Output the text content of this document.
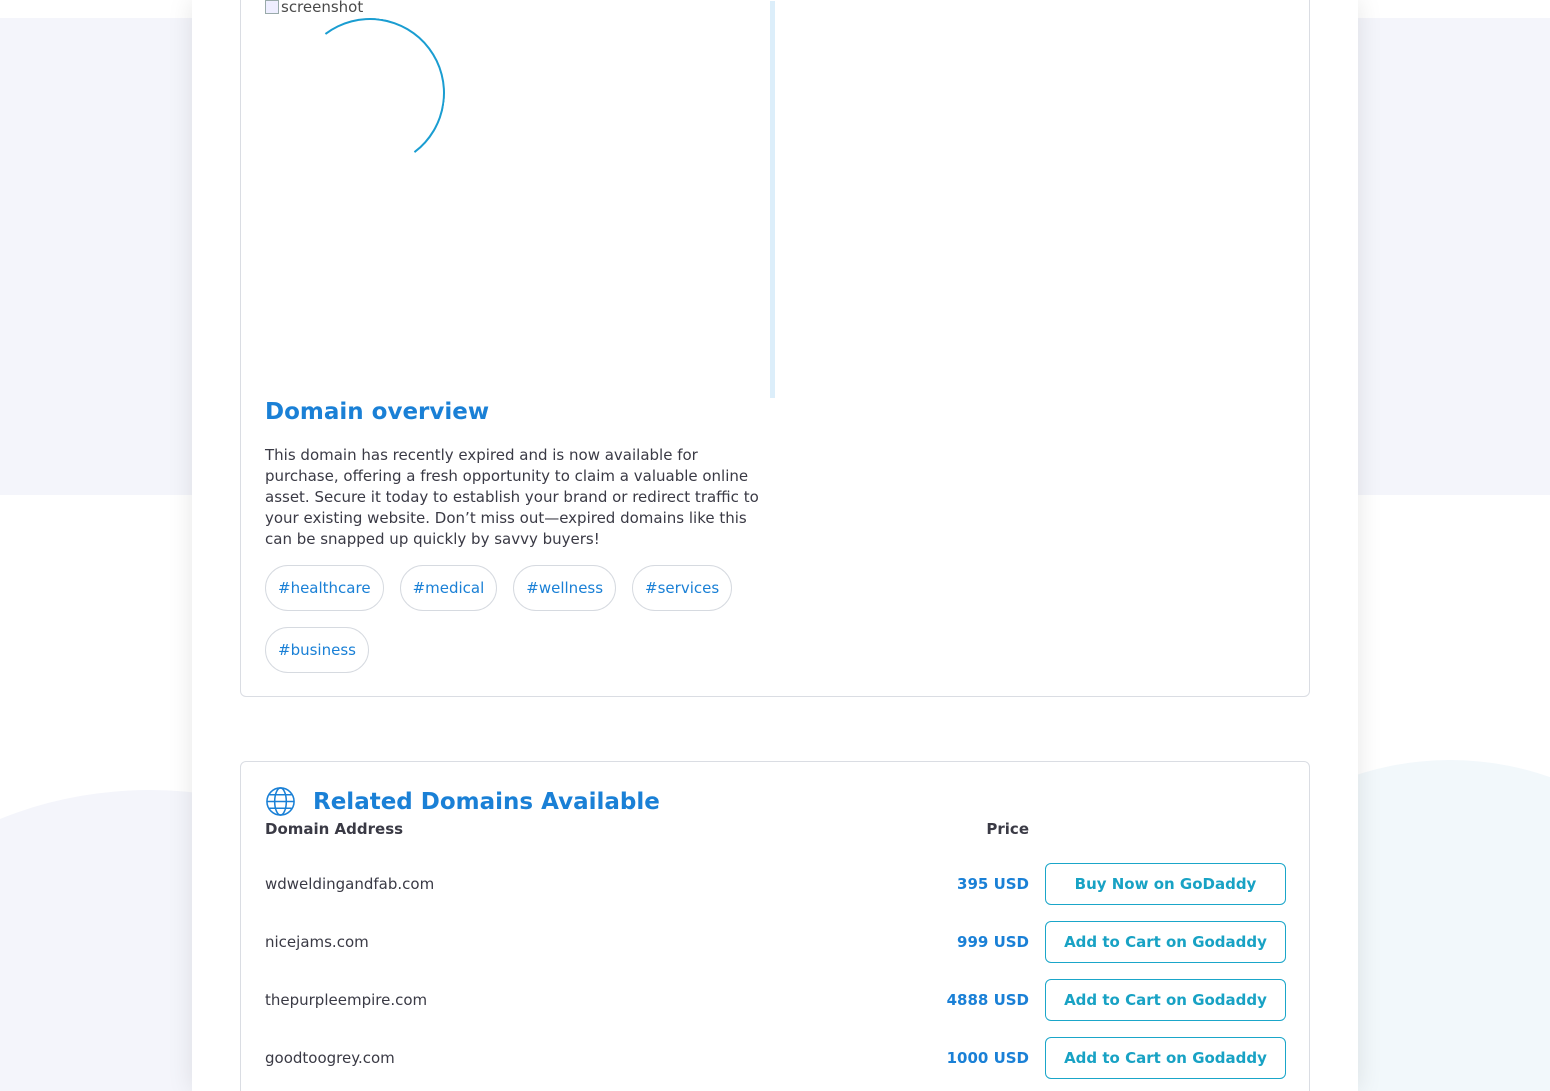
screenshot
Domain overview

This domain has recently expired and is now available for purchase, offering a fresh opportunity to claim a valuable online asset. Secure it today to establish your brand or redirect traffic to your existing website. Don’t miss out—expired domains like this can be snapped up quickly by savvy buyers!

#healthcare	#medical	#wellness	#services
#business
Related Domains Available
Domain Address	Price
wdweldingandfab.com	395 USD	Buy Now on GoDaddy
nicejams.com	999 USD	Add to Cart on Godaddy
thepurpleempire.com	4888 USD	Add to Cart on Godaddy
goodtoogrey.com	1000 USD	Add to Cart on Godaddy
